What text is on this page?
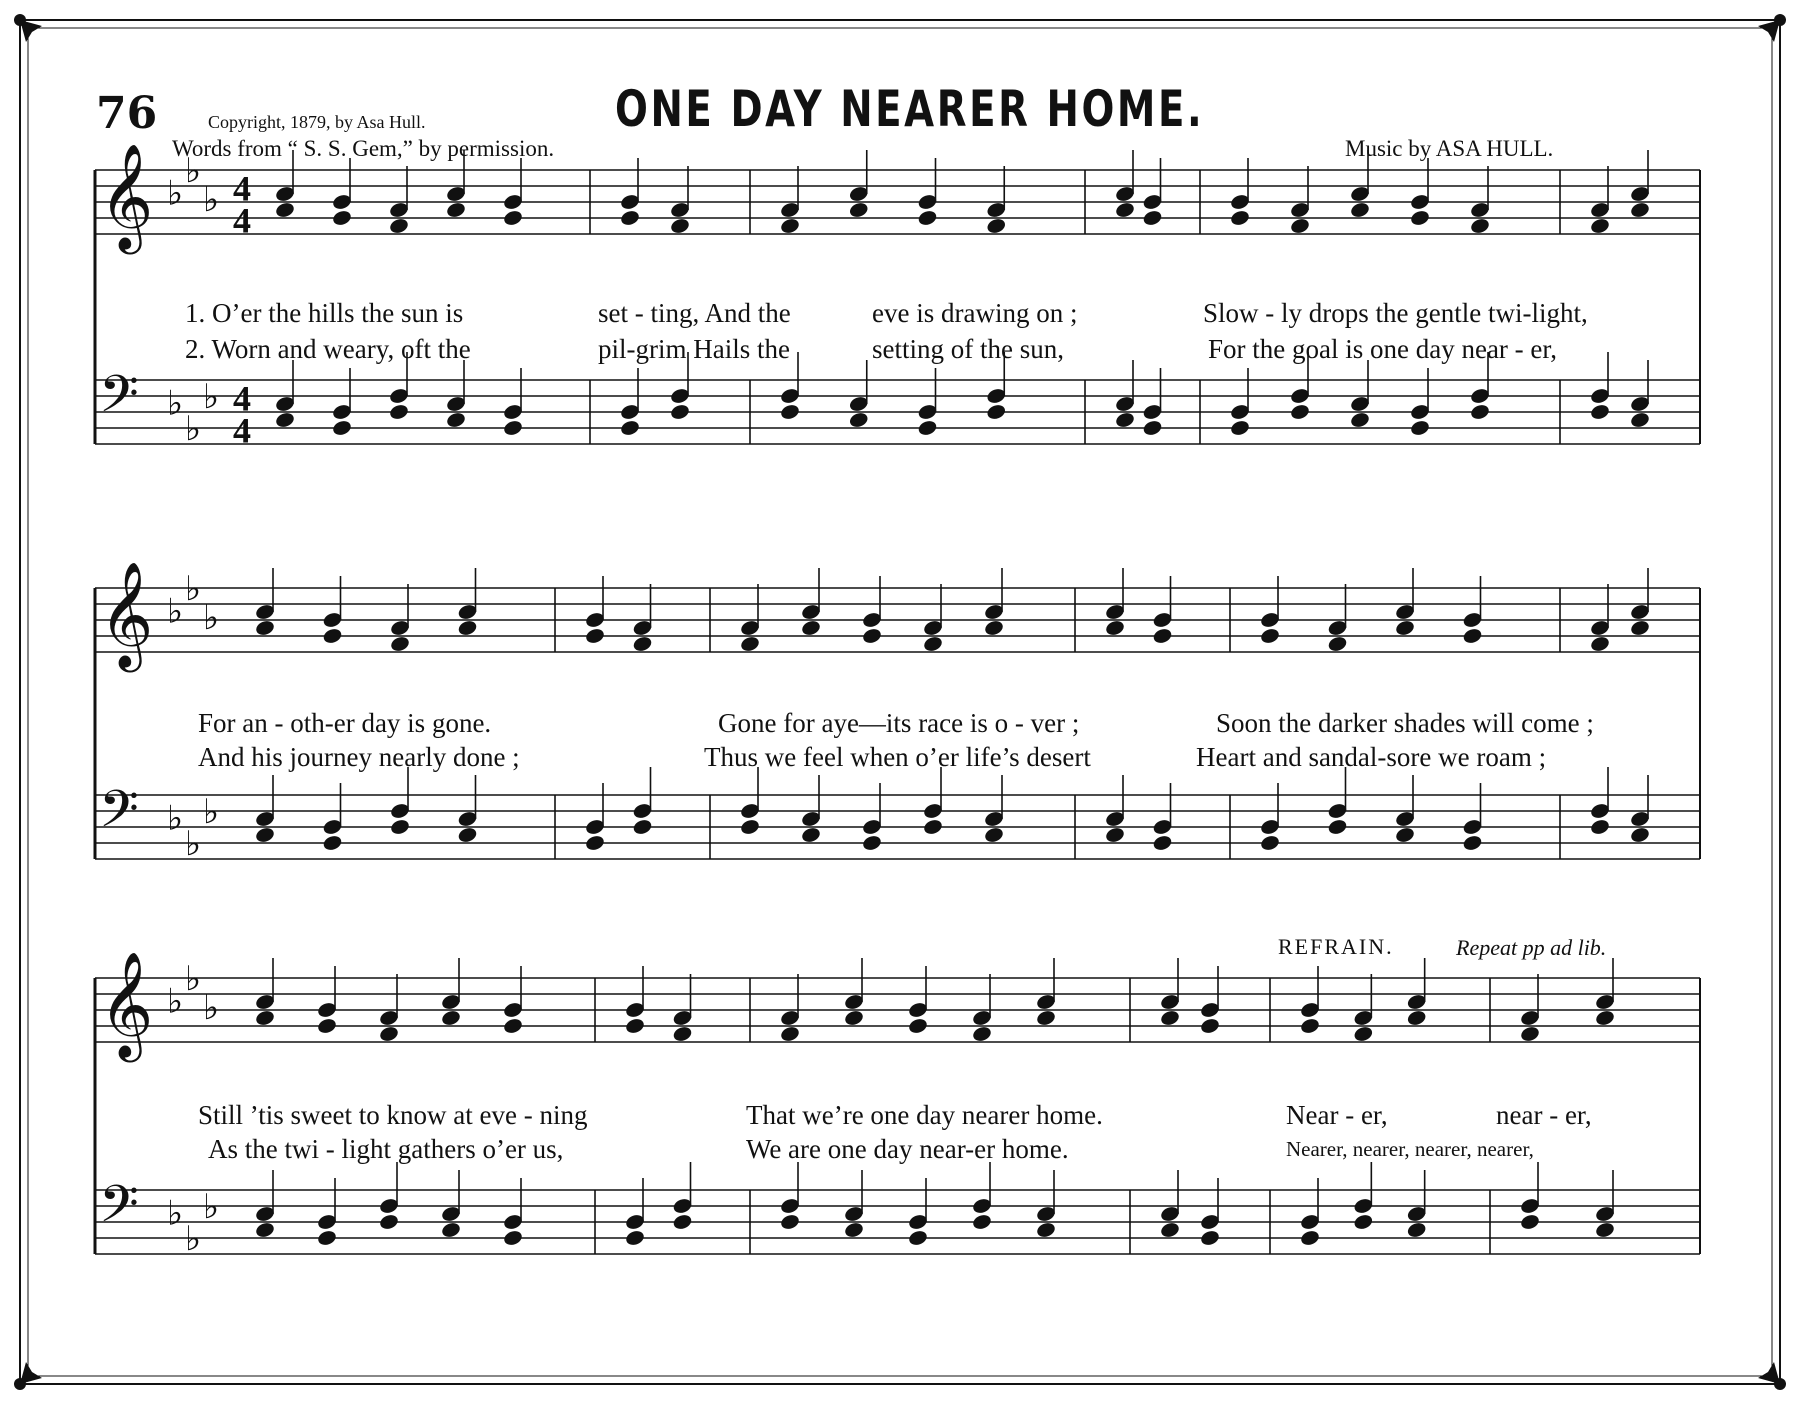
𝄞 ♭
♭
♭ 4
4
𝄢 ♭
♭
♭ 4
4
𝄞 ♭
♭
♭
𝄢 ♭
♭
♭
𝄞 ♭
♭
♭
𝄢 ♭
♭
♭
76	Copyright, 1879, by Asa Hull.	ONE DAY NEARER HOME.
Words from “ S. S. Gem,” by permission.	Music by ASA HULL.
REFRAIN.	Repeat pp ad lib.
1. O’er the hills the sun is	set - ting, And the	eve is drawing on ;	Slow - ly drops the gentle twi-light,
2. Worn and weary, oft the	pil-grim Hails the	setting of the sun,	For the goal is one day near - er,
For an - oth-er day is gone.	Gone for aye—its race is o - ver ;	Soon the darker shades will come ;
And his journey nearly done ;	Thus we feel when o’er life’s desert	Heart and sandal-sore we roam ;
Still ’tis sweet to know at eve - ning	That we’re one day nearer home.	Near - er,	near - er,
As the twi - light gathers o’er us,	We are one day near-er home.	Nearer, nearer, nearer, nearer,
